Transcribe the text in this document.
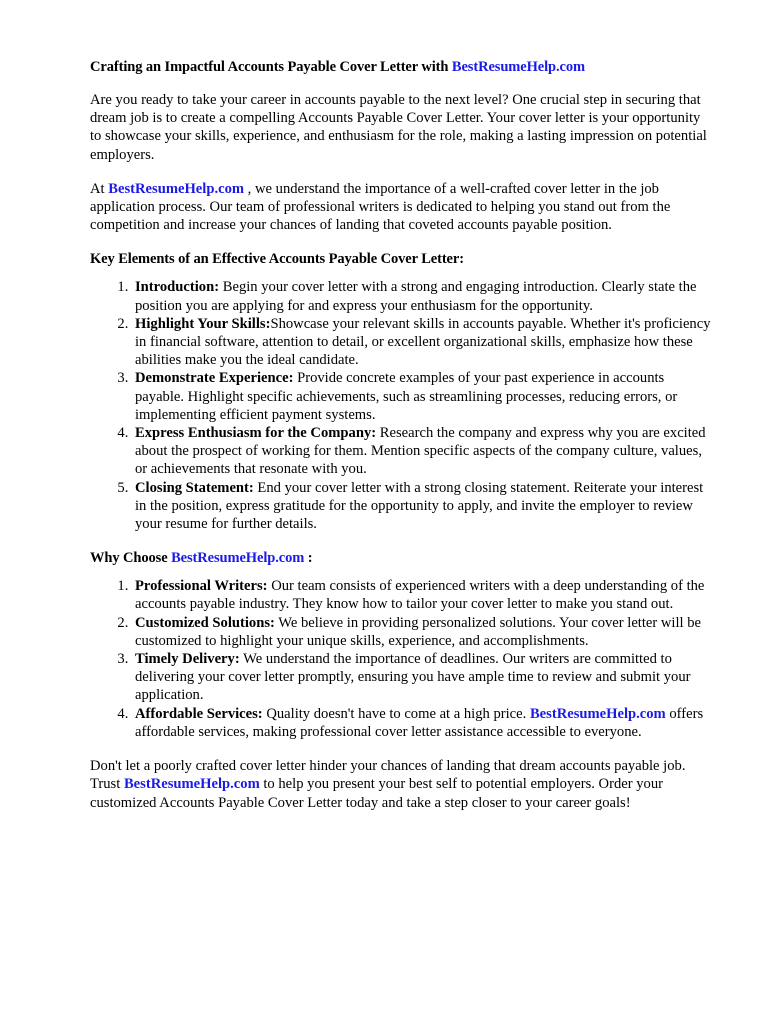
Crafting an Impactful Accounts Payable Cover Letter with BestResumeHelp.com

Are you ready to take your career in accounts payable to the next level? One crucial step in securing that dream job is to create a compelling Accounts Payable Cover Letter. Your cover letter is your opportunity to showcase your skills, experience, and enthusiasm for the role, making a lasting impression on potential employers.

At BestResumeHelp.com , we understand the importance of a well-crafted cover letter in the job application process. Our team of professional writers is dedicated to helping you stand out from the competition and increase your chances of landing that coveted accounts payable position.

Key Elements of an Effective Accounts Payable Cover Letter:
1. Introduction: Begin your cover letter with a strong and engaging introduction. Clearly state the position you are applying for and express your enthusiasm for the opportunity.
2. Highlight Your Skills:Showcase your relevant skills in accounts payable. Whether it's proficiency in financial software, attention to detail, or excellent organizational skills, emphasize how these abilities make you the ideal candidate.
3. Demonstrate Experience: Provide concrete examples of your past experience in accounts payable. Highlight specific achievements, such as streamlining processes, reducing errors, or implementing efficient payment systems.
4. Express Enthusiasm for the Company: Research the company and express why you are excited about the prospect of working for them. Mention specific aspects of the company culture, values, or achievements that resonate with you.
5. Closing Statement: End your cover letter with a strong closing statement. Reiterate your interest in the position, express gratitude for the opportunity to apply, and invite the employer to review your resume for further details.
Why Choose BestResumeHelp.com :
1. Professional Writers: Our team consists of experienced writers with a deep understanding of the accounts payable industry. They know how to tailor your cover letter to make you stand out.
2. Customized Solutions: We believe in providing personalized solutions. Your cover letter will be customized to highlight your unique skills, experience, and accomplishments.
3. Timely Delivery: We understand the importance of deadlines. Our writers are committed to delivering your cover letter promptly, ensuring you have ample time to review and submit your application.
4. Affordable Services: Quality doesn't have to come at a high price. BestResumeHelp.com offers affordable services, making professional cover letter assistance accessible to everyone.

Don't let a poorly crafted cover letter hinder your chances of landing that dream accounts payable job. Trust BestResumeHelp.com to help you present your best self to potential employers. Order your customized Accounts Payable Cover Letter today and take a step closer to your career goals!
